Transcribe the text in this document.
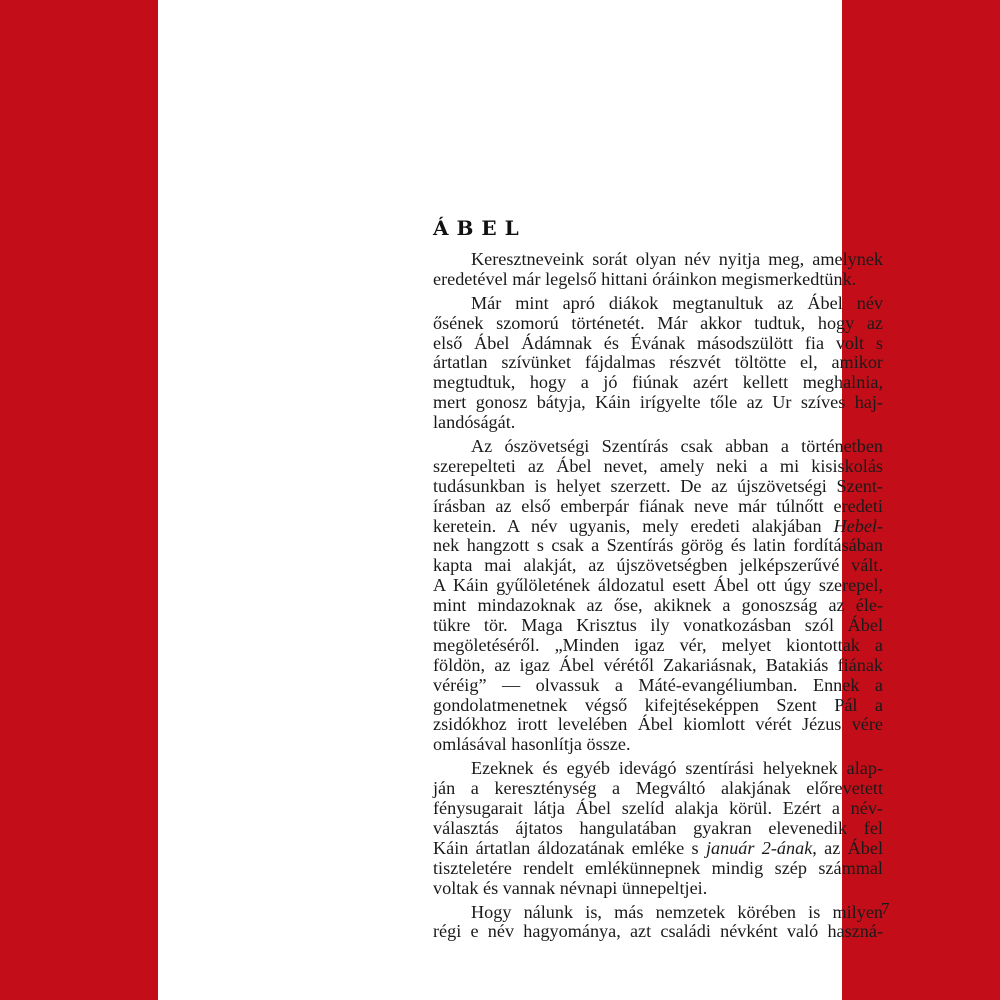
ÁBEL
Keresztneveink sorát olyan név nyitja meg, amelynek
eredetével már legelső hittani óráinkon megismerkedtünk.
Már mint apró diákok megtanultuk az Ábel név
ősének szomorú történetét. Már akkor tudtuk, hogy az
első Ábel Ádámnak és Évának másodszülött fia volt s
ártatlan szívünket fájdalmas részvét töltötte el, amikor
megtudtuk, hogy a jó fiúnak azért kellett meghalnia,
mert gonosz bátyja, Káin irígyelte tőle az Ur szíves haj-
landóságát.
Az ószövetségi Szentírás csak abban a történetben
szerepelteti az Ábel nevet, amely neki a mi kisiskolás
tudásunkban is helyet szerzett. De az újszövetségi Szent-
írásban az első emberpár fiának neve már túlnőtt eredeti
keretein. A név ugyanis, mely eredeti alakjában Hebel-
nek hangzott s csak a Szentírás görög és latin fordításában
kapta mai alakját, az újszövetségben jelképszerűvé vált.
A Káin gyűlöletének áldozatul esett Ábel ott úgy szerepel,
mint mindazoknak az őse, akiknek a gonoszság az éle-
tükre tör. Maga Krisztus ily vonatkozásban szól Ábel
megöletéséről. „Minden igaz vér, melyet kiontottak a
földön, az igaz Ábel vérétől Zakariásnak, Batakiás fiának
véréig” — olvassuk a Máté-evangéliumban. Ennek a
gondolatmenetnek végső kifejtéseképpen Szent Pál a
zsidókhoz irott levelében Ábel kiomlott vérét Jézus vére
omlásával hasonlítja össze.
Ezeknek és egyéb idevágó szentírási helyeknek alap-
ján a kereszténység a Megváltó alakjának előrevetett
fénysugarait látja Ábel szelíd alakja körül. Ezért a név-
választás ájtatos hangulatában gyakran elevenedik fel
Káin ártatlan áldozatának emléke s január 2-ának, az Ábel
tiszteletére rendelt emlékünnepnek mindig szép számmal
voltak és vannak névnapi ünnepeltjei.
Hogy nálunk is, más nemzetek körében is milyen
régi e név hagyománya, azt családi névként való haszná-
7
